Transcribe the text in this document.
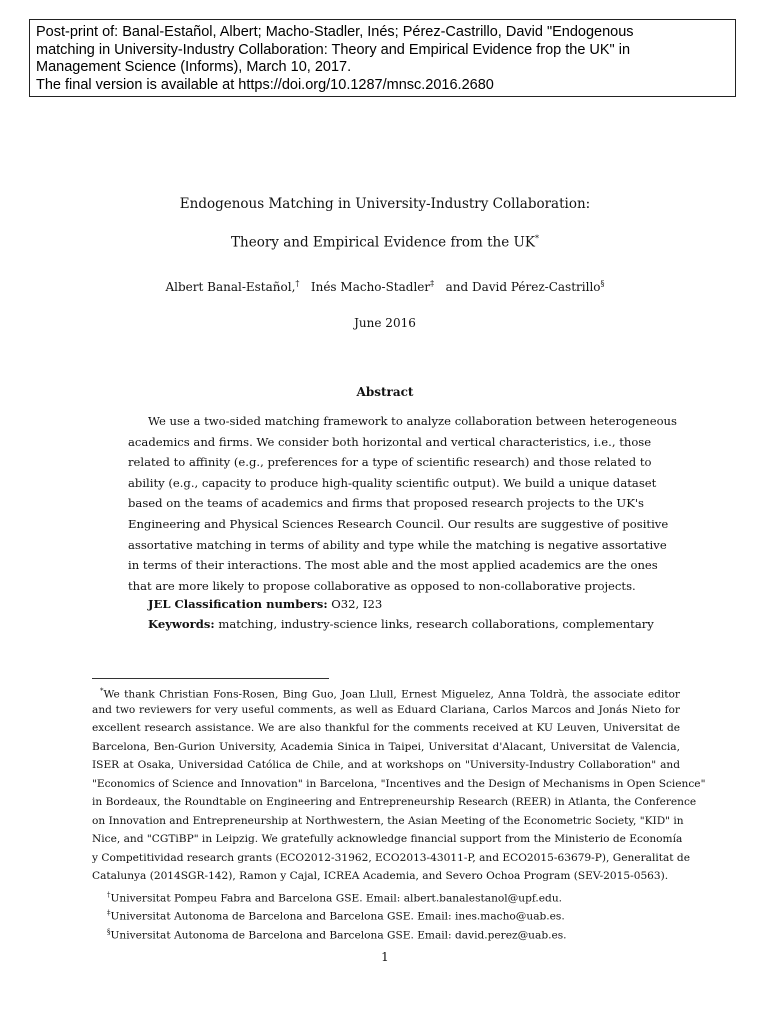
Post-print of: Banal-Estañol, Albert; Macho-Stadler, Inés; Pérez-Castrillo, David "Endogenous
matching in University-Industry Collaboration: Theory and Empirical Evidence frop the UK" in
Management Science (Informs), March 10, 2017.
The final version is available at https://doi.org/10.1287/mnsc.2016.2680
Endogenous Matching in University-Industry Collaboration:
Theory and Empirical Evidence from the UK*
Albert Banal-Estañol,† Inés Macho-Stadler‡ and David Pérez-Castrillo§
June 2016
Abstract
We use a two-sided matching framework to analyze collaboration between heterogeneous
academics and firms. We consider both horizontal and vertical characteristics, i.e., those
related to affinity (e.g., preferences for a type of scientific research) and those related to
ability (e.g., capacity to produce high-quality scientific output). We build a unique dataset
based on the teams of academics and firms that proposed research projects to the UK's
Engineering and Physical Sciences Research Council. Our results are suggestive of positive
assortative matching in terms of ability and type while the matching is negative assortative
in terms of their interactions. The most able and the most applied academics are the ones
that are more likely to propose collaborative as opposed to non-collaborative projects.
JEL Classification numbers: O32, I23
Keywords: matching, industry-science links, research collaborations, complementary
*We thank Christian Fons-Rosen, Bing Guo, Joan Llull, Ernest Miguelez, Anna Toldrà, the associate editor
and two reviewers for very useful comments, as well as Eduard Clariana, Carlos Marcos and Jonás Nieto for
excellent research assistance. We are also thankful for the comments received at KU Leuven, Universitat de
Barcelona, Ben-Gurion University, Academia Sinica in Taipei, Universitat d'Alacant, Universitat de Valencia,
ISER at Osaka, Universidad Católica de Chile, and at workshops on "University-Industry Collaboration" and
"Economics of Science and Innovation" in Barcelona, "Incentives and the Design of Mechanisms in Open Science"
in Bordeaux, the Roundtable on Engineering and Entrepreneurship Research (REER) in Atlanta, the Conference
on Innovation and Entrepreneurship at Northwestern, the Asian Meeting of the Econometric Society, "KID" in
Nice, and "CGTiBP" in Leipzig. We gratefully acknowledge financial support from the Ministerio de Economía
y Competitividad research grants (ECO2012-31962, ECO2013-43011-P, and ECO2015-63679-P), Generalitat de
Catalunya (2014SGR-142), Ramon y Cajal, ICREA Academia, and Severo Ochoa Program (SEV-2015-0563).
†Universitat Pompeu Fabra and Barcelona GSE. Email: albert.banalestanol@upf.edu.
‡Universitat Autonoma de Barcelona and Barcelona GSE. Email: ines.macho@uab.es.
§Universitat Autonoma de Barcelona and Barcelona GSE. Email: david.perez@uab.es.
1
